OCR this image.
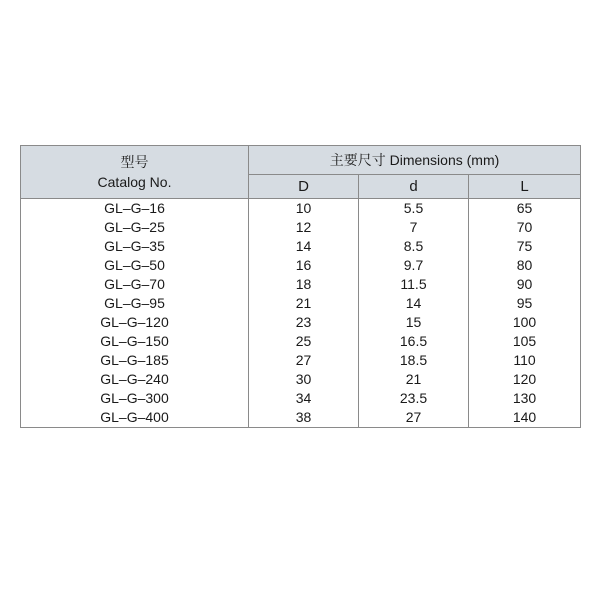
型号
Catalog No.	主要尺寸 Dimensions (mm)		
	D	d	L
GL–G–16	10	5.5	65
GL–G–25	12	7	70
GL–G–35	14	8.5	75
GL–G–50	16	9.7	80
GL–G–70	18	11.5	90
GL–G–95	21	14	95
GL–G–120	23	15	100
GL–G–150	25	16.5	105
GL–G–185	27	18.5	110
GL–G–240	30	21	120
GL–G–300	34	23.5	130
GL–G–400	38	27	140
